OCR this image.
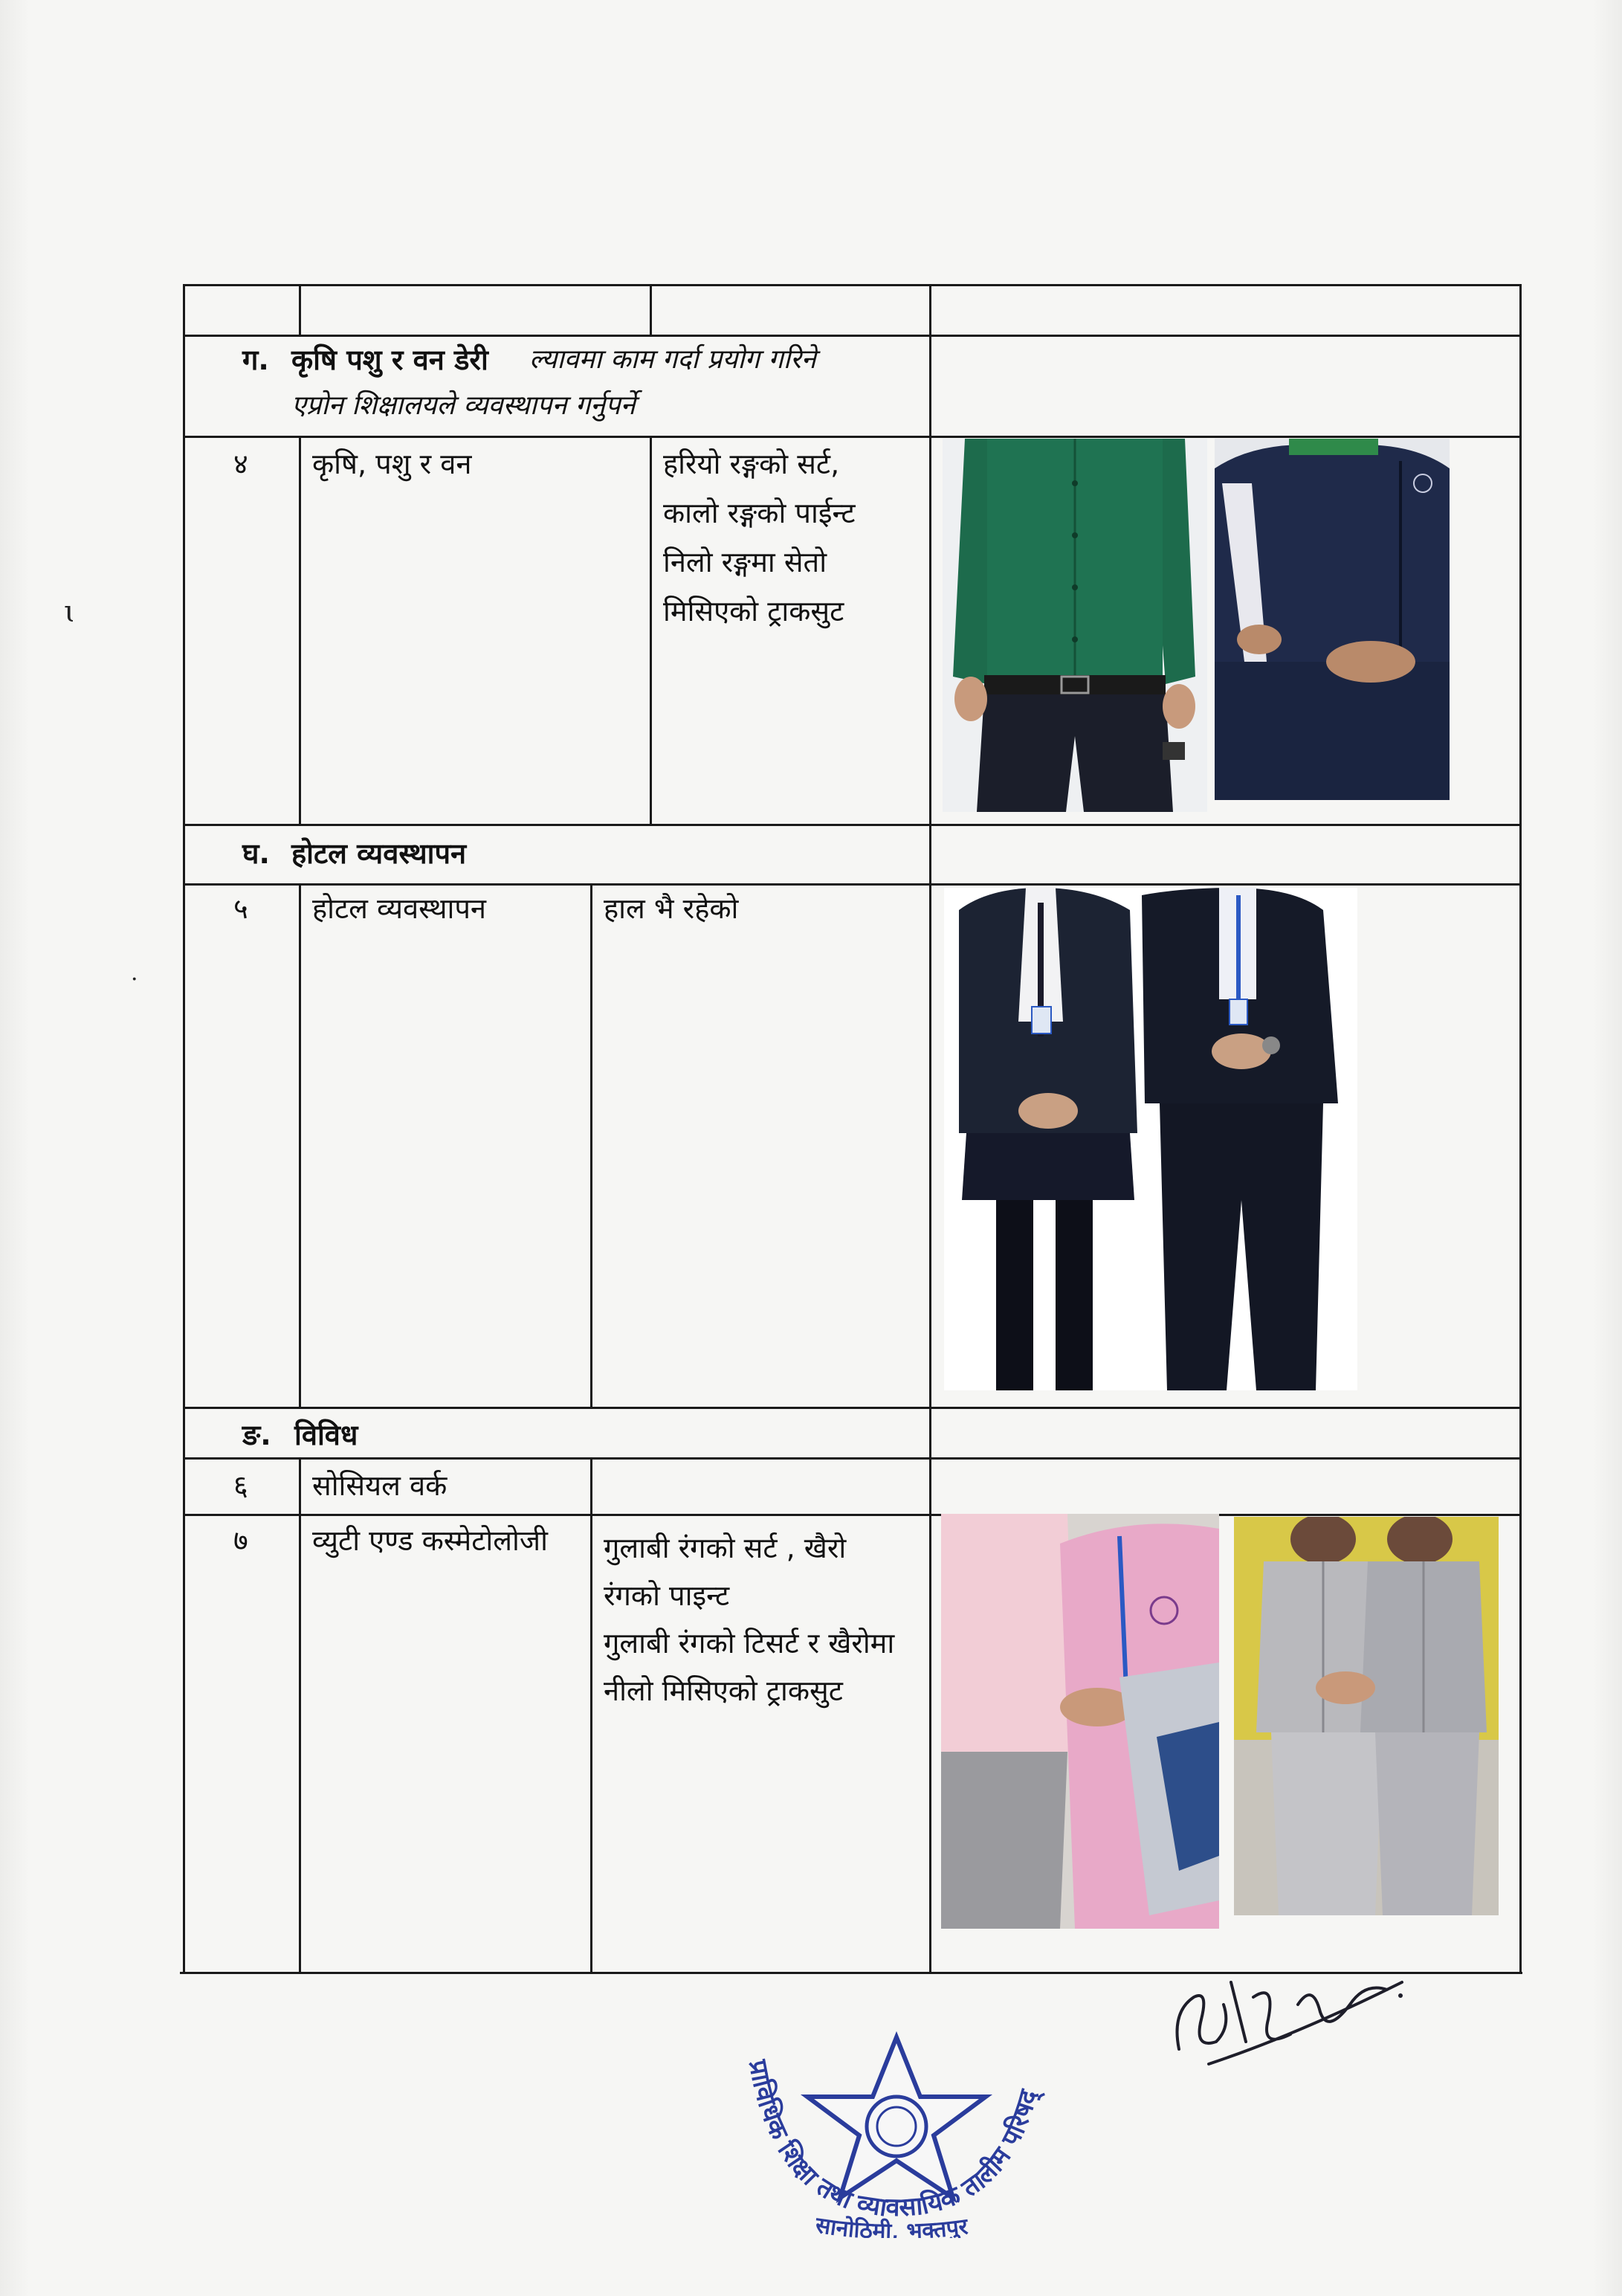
ग. कृषि पशु र वन डेरी ल्यावमा काम गर्दा प्रयोग गरिने
एप्रोन शिक्षालयले व्यवस्थापन गर्नुपर्ने
घ. होटल व्यवस्थापन
ङ. विविध
४ कृषि, पशु र वन	हरियो रङ्गको सर्ट,
कालो रङ्गको पाईन्ट
निलो रङ्गमा सेतो
मिसिएको ट्राकसुट
५ होटल व्यवस्थापन	हाल भै रहेको
६ सोसियल वर्क
७ व्युटी एण्ड कस्मेटोलोजी गुलाबी रंगको सर्ट , खैरो
रंगको पाइन्ट
गुलाबी रंगको टिसर्ट र खैरोमा
नीलो मिसिएको ट्राकसुट
प्राविधिक शिक्षा तथा व्यावसायिक तालीम परिषद्
सानोठिमी, भक्तपुर
ɩ
·
